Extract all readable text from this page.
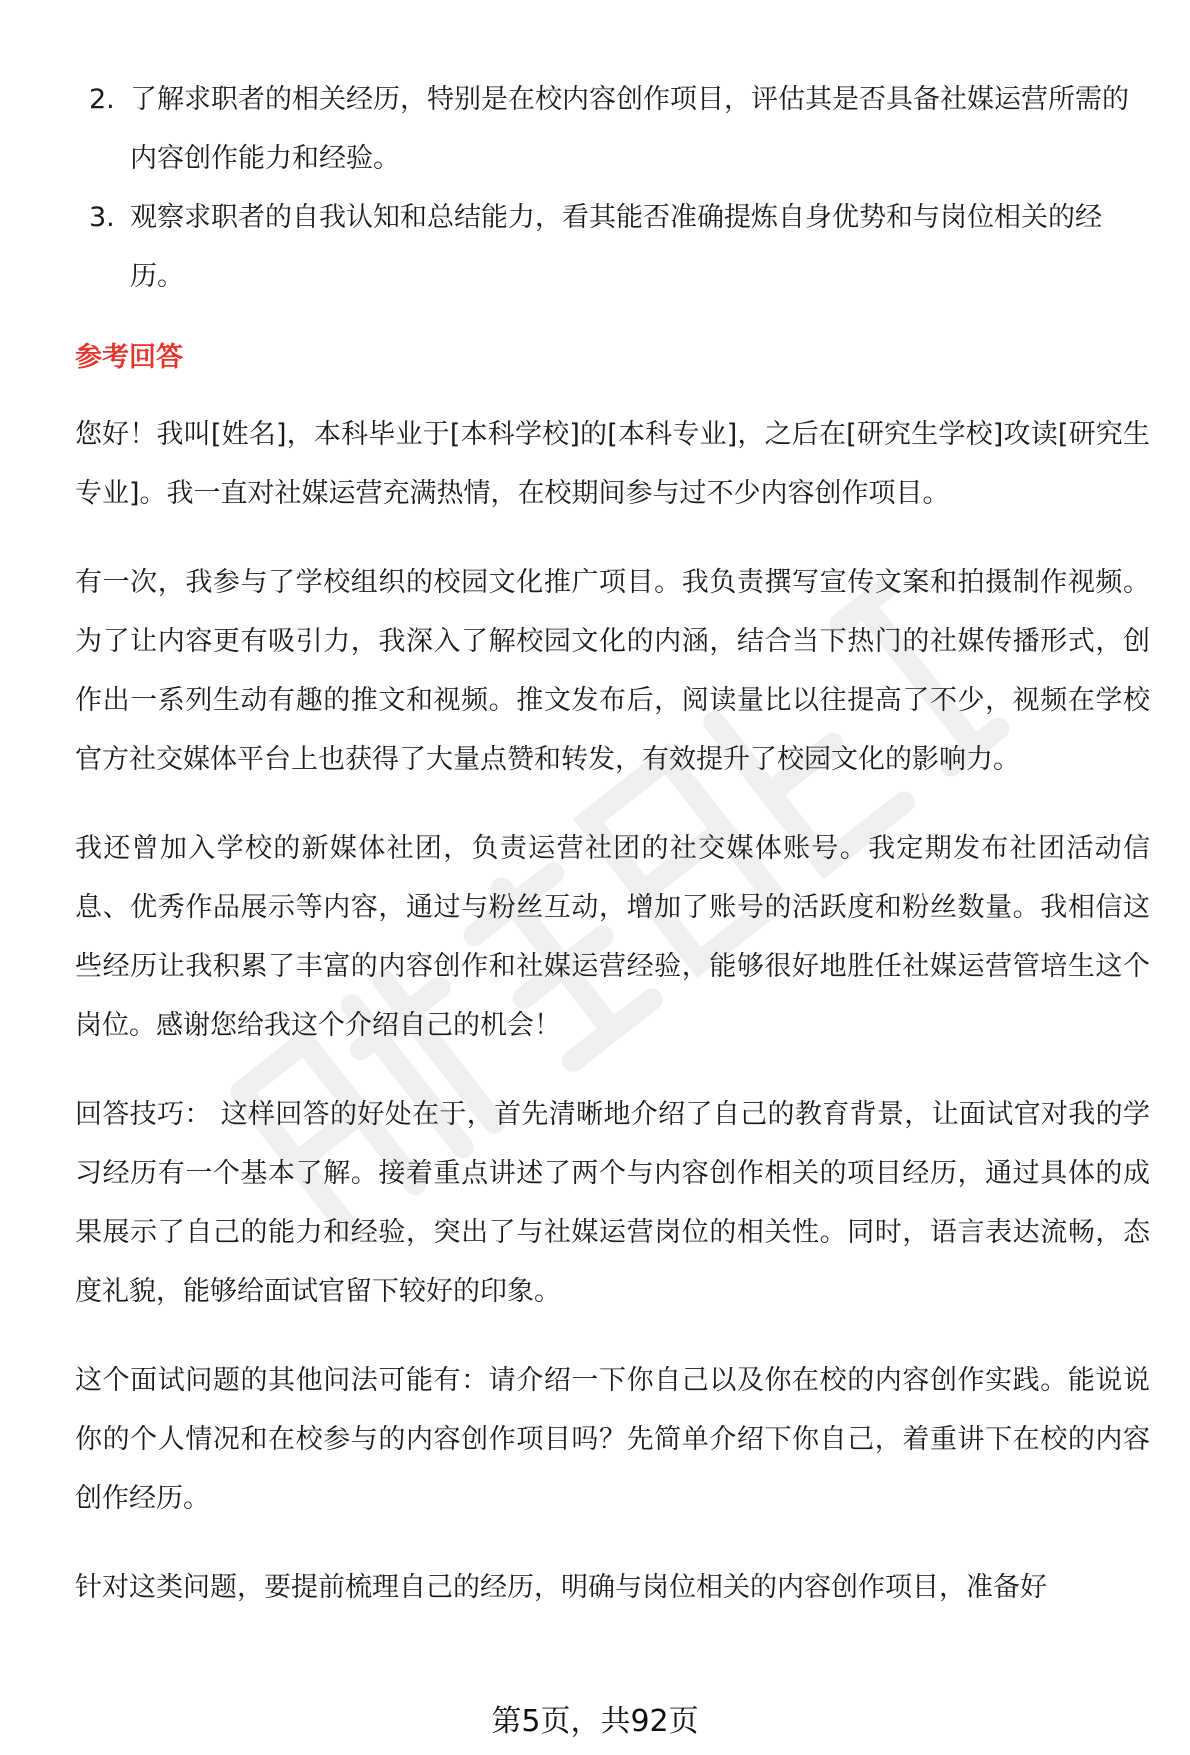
2. 了解求职者的相关经历，特别是在校内容创作项目，评估其是否具备社媒运营所需的内容创作能力和经验。
3. 观察求职者的自我认知和总结能力，看其能否准确提炼自身优势和与岗位相关的经历。
参考回答

您好！我叫[姓名]，本科毕业于[本科学校]的[本科专业]，之后在[研究生学校]攻读[研究生专业]。我一直对社媒运营充满热情，在校期间参与过不少内容创作项目。

有一次，我参与了学校组织的校园文化推广项目。我负责撰写宣传文案和拍摄制作视频。为了让内容更有吸引力，我深入了解校园文化的内涵，结合当下热门的社媒传播形式，创作出一系列生动有趣的推文和视频。推文发布后，阅读量比以往提高了不少，视频在学校官方社交媒体平台上也获得了大量点赞和转发，有效提升了校园文化的影响力。

我还曾加入学校的新媒体社团，负责运营社团的社交媒体账号。我定期发布社团活动信息、优秀作品展示等内容，通过与粉丝互动，增加了账号的活跃度和粉丝数量。我相信这些经历让我积累了丰富的内容创作和社媒运营经验，能够很好地胜任社媒运营管培生这个岗位。感谢您给我这个介绍自己的机会！

回答技巧： 这样回答的好处在于，首先清晰地介绍了自己的教育背景，让面试官对我的学习经历有一个基本了解。接着重点讲述了两个与内容创作相关的项目经历，通过具体的成果展示了自己的能力和经验，突出了与社媒运营岗位的相关性。同时，语言表达流畅，态度礼貌，能够给面试官留下较好的印象。

这个面试问题的其他问法可能有：请介绍一下你自己以及你在校的内容创作实践。能说说你的个人情况和在校参与的内容创作项目吗？先简单介绍下你自己，着重讲下在校的内容创作经历。

针对这类问题，要提前梳理自己的经历，明确与岗位相关的内容创作项目，准备好

第5页，共92页
